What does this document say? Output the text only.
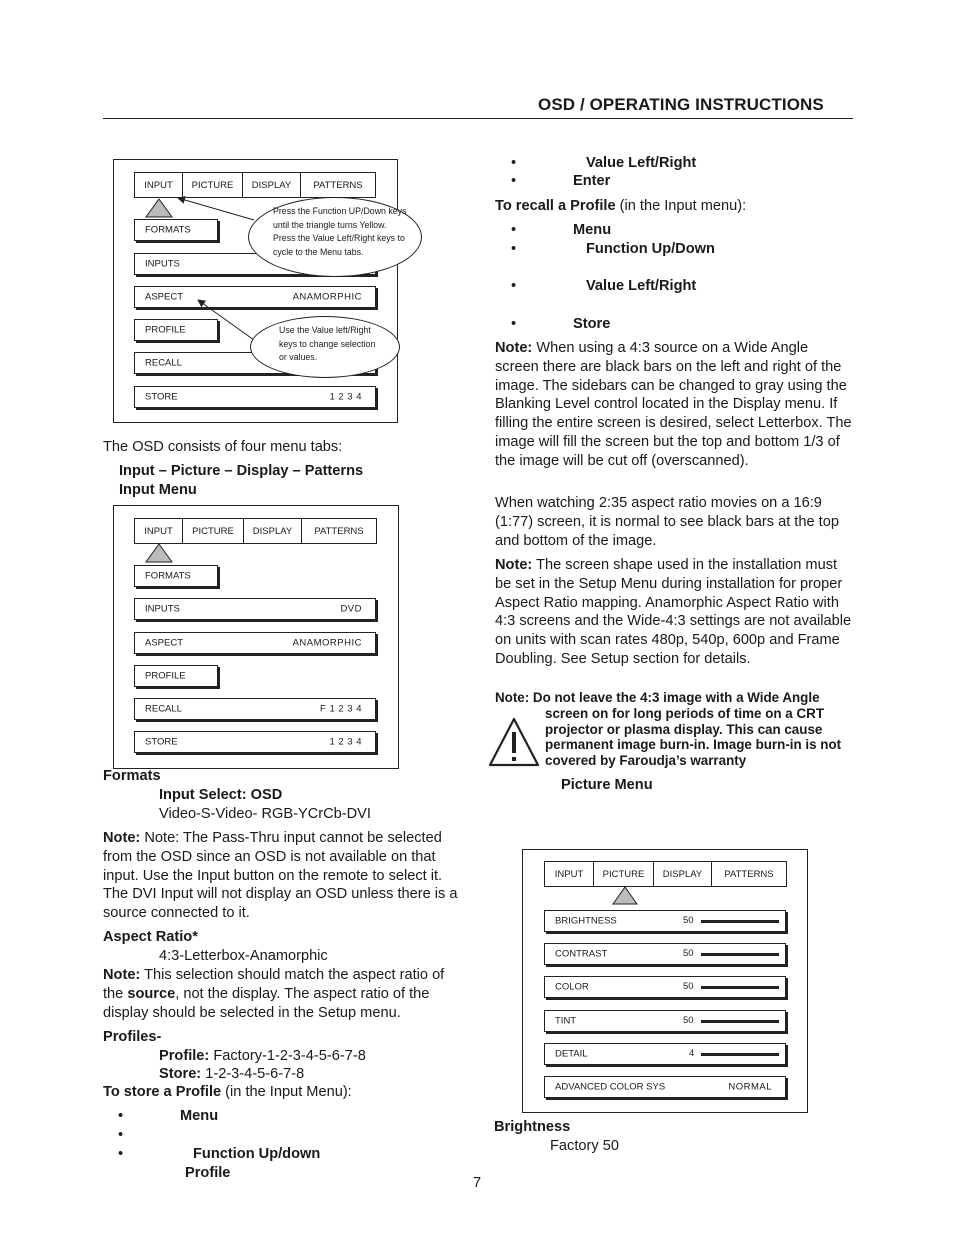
OSD / OPERATING INSTRUCTIONS
INPUT	PICTURE	DISPLAY	PATTERNS
FORMATS
INPUTS
ASPECT	ANAMORPHIC
PROFILE
RECALL
STORE	1 2 3 4
Press the Function UP/Down keys until the triangle turns Yellow. Press the Value Left/Right keys to cycle to the Menu tabs.
Use the Value left/Right keys to change selection or values.
The OSD consists of four menu tabs:
Input – Picture – Display – Patterns
Input Menu
INPUT	PICTURE	DISPLAY	PATTERNS
FORMATS
INPUTS	DVD
ASPECT	ANAMORPHIC
PROFILE
RECALL	F 1 2 3 4
STORE	1 2 3 4
Formats
Input Select: OSD
Video-S-Video- RGB-YCrCb-DVI
Note: Note: The Pass-Thru input cannot be selected from the OSD since an OSD is not available on that input. Use the Input button on the remote to select it. The DVI Input will not display an OSD unless there is a source connected to it.
Aspect Ratio*
4:3-Letterbox-Anamorphic
Note: This selection should match the aspect ratio of the source, not the display. The aspect ratio of the display should be selected in the Setup menu.
Profiles-
Profile: Factory-1-2-3-4-5-6-7-8
Store: 1-2-3-4-5-6-7-8
To store a Profile (in the Input Menu):
•	Menu
•
•	Function Up/down
Profile
•	Value Left/Right
•	Enter
To recall a Profile (in the Input menu):
•	Menu
•	Function Up/Down
•	Value Left/Right
•	Store
Note: When using a 4:3 source on a Wide Angle screen there are black bars on the left and right of the image. The sidebars can be changed to gray using the Blanking Level control located in the Display menu. If filling the entire screen is desired, select Letterbox. The image will fill the screen but the top and bottom 1/3 of the image will be cut off (overscanned).
When watching 2:35 aspect ratio movies on a 16:9 (1:77) screen, it is normal to see black bars at the top and bottom of the image.
Note: The screen shape used in the installation must be set in the Setup Menu during installation for proper Aspect Ratio mapping. Anamorphic Aspect Ratio with 4:3 screens and the Wide-4:3 settings are not available on units with scan rates 480p, 540p, 600p and Frame Doubling. See Setup section for details.
Note: Do not leave the 4:3 image with a Wide Angle
screen on for long periods of time on a CRT projector or plasma display. This can cause permanent image burn-in. Image burn-in is not covered by Faroudja’s warranty
Picture Menu
INPUT	PICTURE	DISPLAY	PATTERNS
BRIGHTNESS	50
CONTRAST	50
COLOR	50
TINT	50
DETAIL	4
ADVANCED COLOR SYS	NORMAL
Brightness
Factory 50
7
